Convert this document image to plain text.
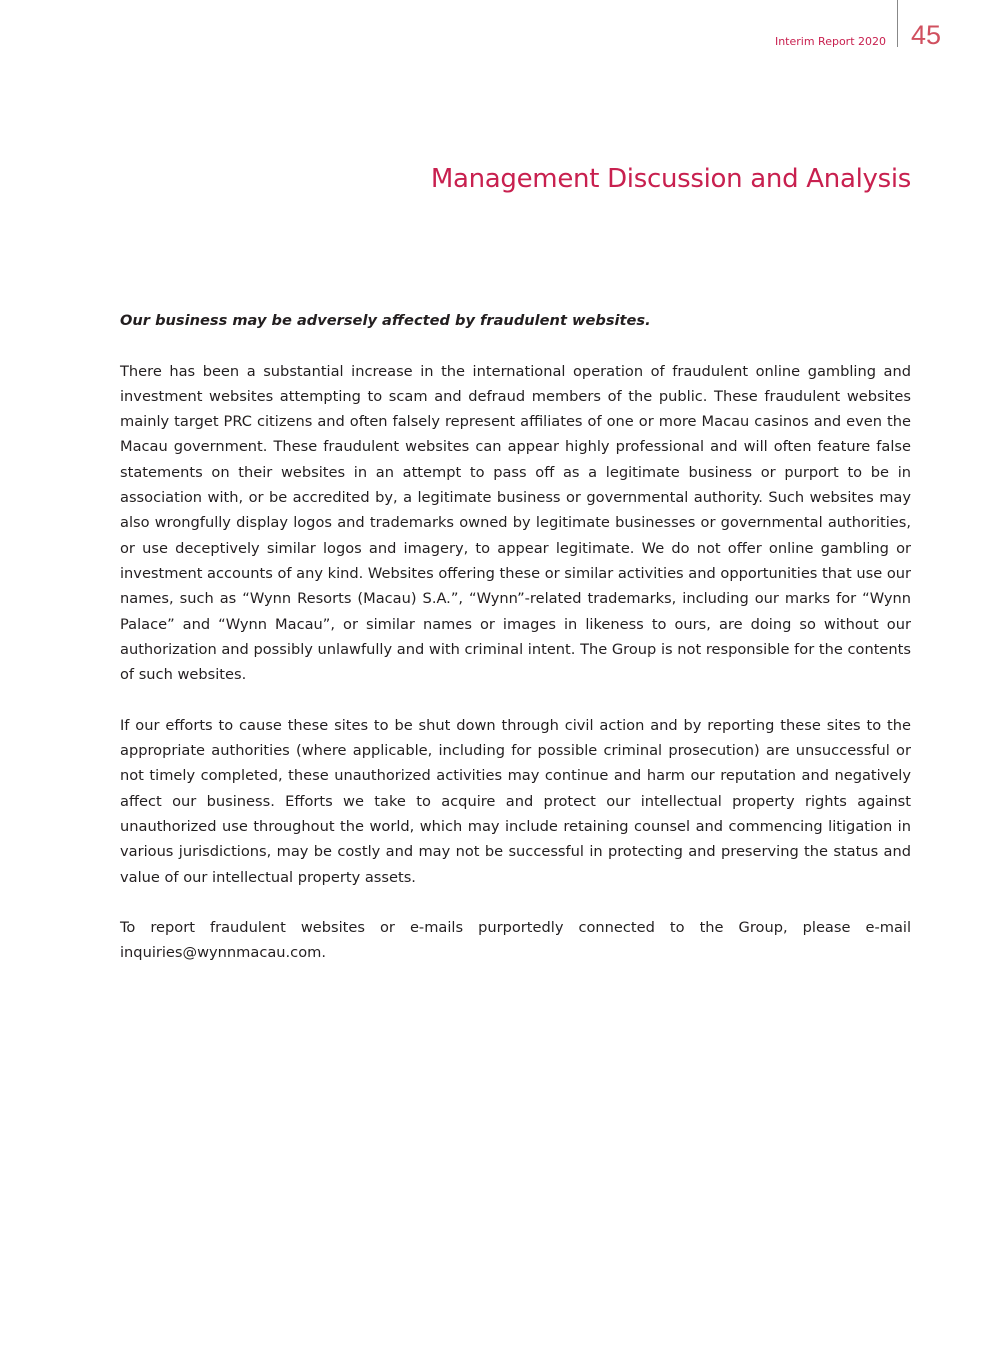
Interim Report 2020 45
Management Discussion and Analysis
Our business may be adversely affected by fraudulent websites.

There has been a substantial increase in the international operation of fraudulent online gambling and investment websites attempting to scam and defraud members of the public. These fraudulent websites mainly target PRC citizens and often falsely represent affiliates of one or more Macau casinos and even the Macau government. These fraudulent websites can appear highly professional and will often feature false statements on their websites in an attempt to pass off as a legitimate business or purport to be in association with, or be accredited by, a legitimate business or governmental authority. Such websites may also wrongfully display logos and trademarks owned by legitimate businesses or governmental authorities, or use deceptively similar logos and imagery, to appear legitimate. We do not offer online gambling or investment accounts of any kind. Websites offering these or similar activities and opportunities that use our names, such as “Wynn Resorts (Macau) S.A.”, “Wynn”-related trademarks, including our marks for “Wynn Palace” and “Wynn Macau”, or similar names or images in likeness to ours, are doing so without our authorization and possibly unlawfully and with criminal intent. The Group is not responsible for the contents of such websites.

If our efforts to cause these sites to be shut down through civil action and by reporting these sites to the appropriate authorities (where applicable, including for possible criminal prosecution) are unsuccessful or not timely completed, these unauthorized activities may continue and harm our reputation and negatively affect our business. Efforts we take to acquire and protect our intellectual property rights against unauthorized use throughout the world, which may include retaining counsel and commencing litigation in various jurisdictions, may be costly and may not be successful in protecting and preserving the status and value of our intellectual property assets.

To report fraudulent websites or e-mails purportedly connected to the Group, please e-mail inquiries@wynnmacau.com.
